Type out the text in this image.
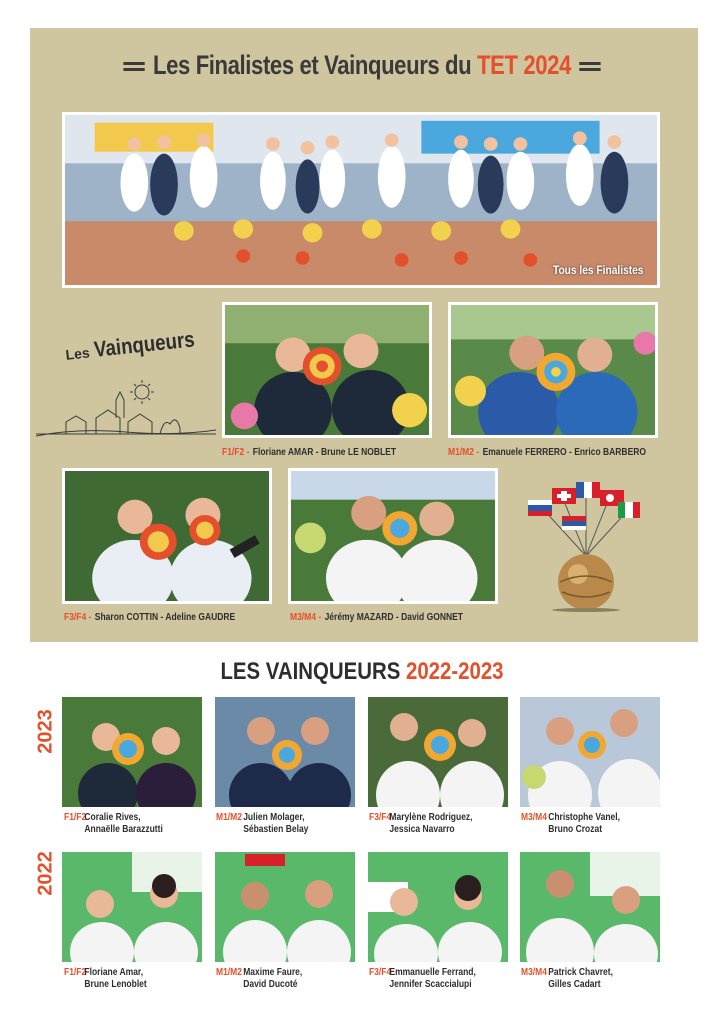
Les Finalistes et Vainqueurs du TET 2024
Tous les Finalistes
Les Vainqueurs
F1/F2 - Floriane AMAR - Brune LE NOBLET	M1/M2 - Emanuele FERRERO - Enrico BARBERO
F3/F4 - Sharon COTTIN - Adeline GAUDRE	M3/M4 - Jérémy MAZARD - David GONNET
LES VAINQUEURS 2022-2023
2023
2022
F1/F2
Coralie Rives,
Annaëlle Barazzutti
M1/M2 Julien Molager,
Sébastien Belay
F3/F4
Marylène Rodriguez,
Jessica Navarro
M3/M4 Christophe Vanel,
Bruno Crozat
F1/F2
Floriane Amar,
Brune Lenoblet
M1/M2 Maxime Faure,
David Ducoté
F3/F4
Emmanuelle Ferrand,
Jennifer Scaccialupi
M3/M4 Patrick Chavret,
Gilles Cadart
